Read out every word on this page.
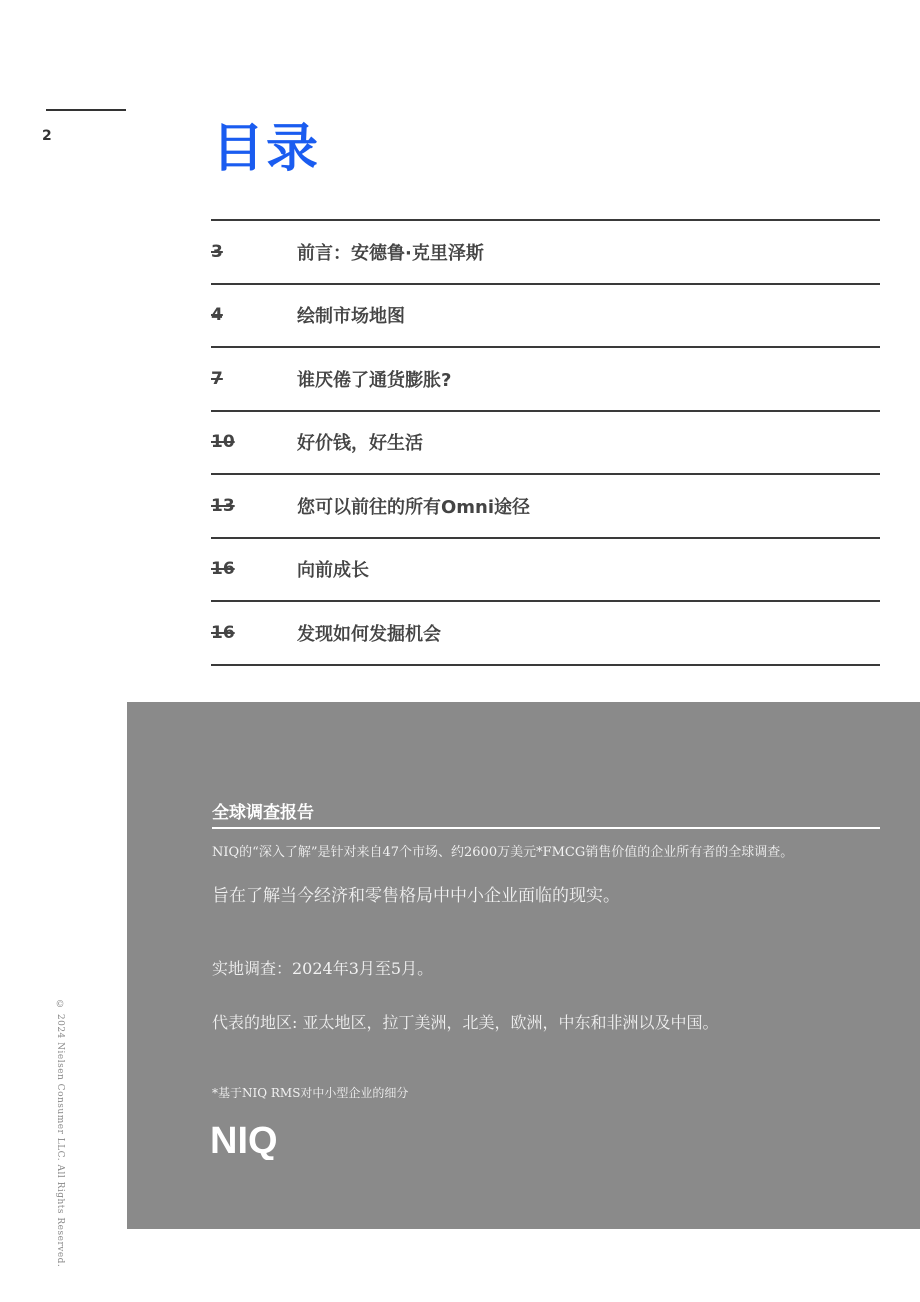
2	目录
3	前言：安德鲁·克里泽斯
4	绘制市场地图
7	谁厌倦了通货膨胀?
10	好价钱，好生活
13	您可以前往的所有Omni途径
16	向前成长
16	发现如何发掘机会
全球调查报告
NIQ的“深入了解”是针对来自47个市场、约2600万美元*FMCG销售价值的企业所有者的全球调查。
旨在了解当今经济和零售格局中中小企业面临的现实。
实地调查：2024年3月至5月。
代表的地区: 亚太地区，拉丁美洲，北美，欧洲，中东和非洲以及中国。
*基于NIQ RMS对中小型企业的细分
NIQ
© 2024 Nielsen Consumer LLC. All Rights Reserved.
